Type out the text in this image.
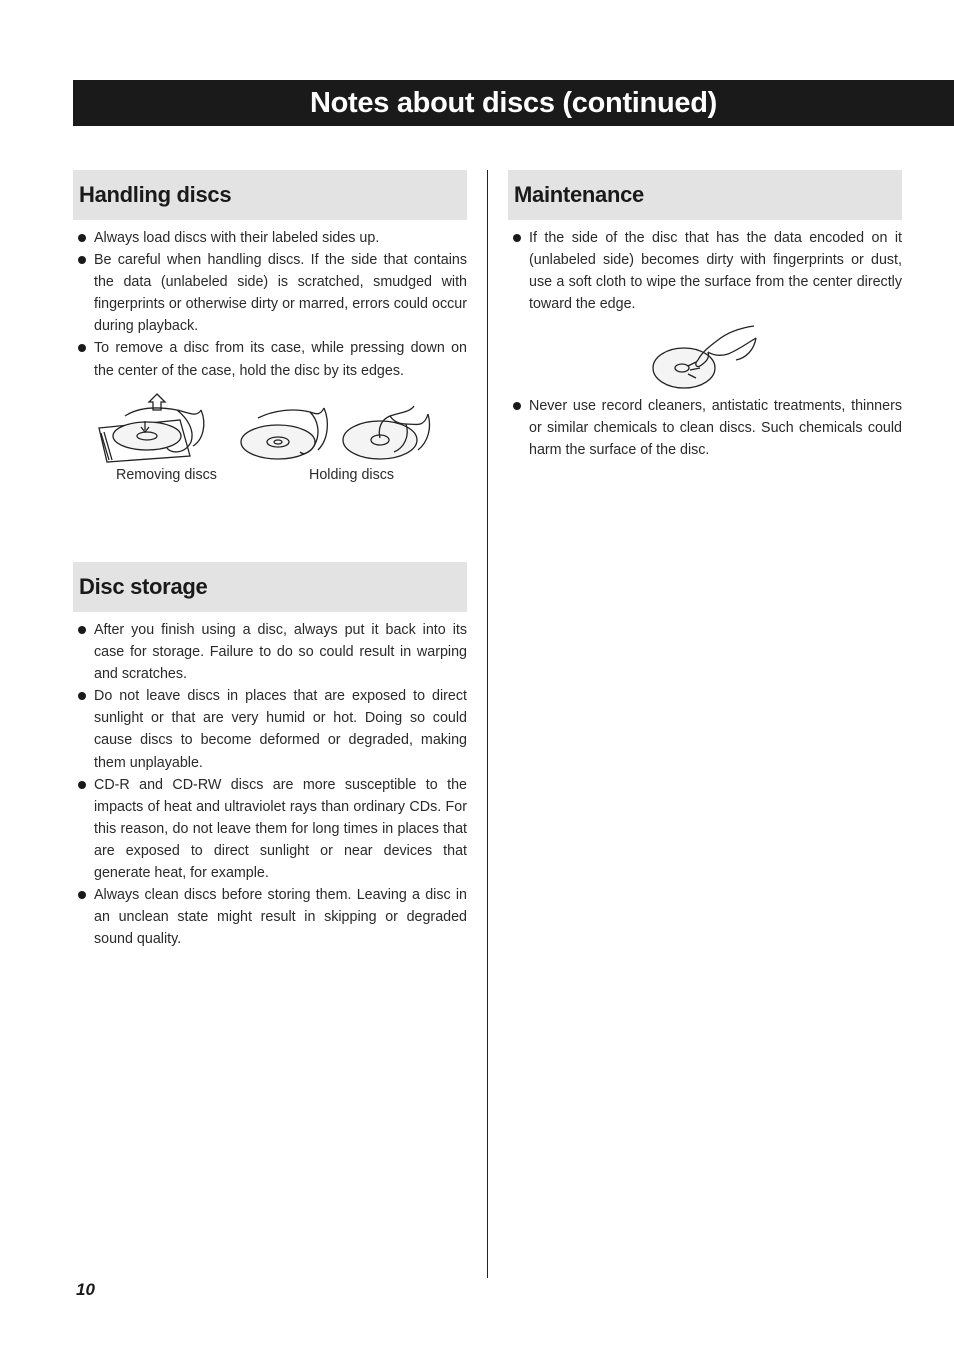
Notes about discs (continued)
Handling discs
Always load discs with their labeled sides up.
Be careful when handling discs. If the side that contains the data (unlabeled side) is scratched, smudged with fingerprints or otherwise dirty or marred, errors could occur during playback.
To remove a disc from its case, while pressing down on the center of the case, hold the disc by its edges.
Removing discs	Holding discs
Disc storage
After you finish using a disc, always put it back into its case for storage. Failure to do so could result in warping and scratches.
Do not leave discs in places that are exposed to direct sunlight or that are very humid or hot. Doing so could cause discs to become deformed or degraded, making them unplayable.
CD-R and CD-RW discs are more susceptible to the impacts of heat and ultraviolet rays than ordinary CDs. For this reason, do not leave them for long times in places that are exposed to direct sunlight or near devices that generate heat, for example.
Always clean discs before storing them. Leaving a disc in an unclean state might result in skipping or degraded sound quality.
Maintenance
If the side of the disc that has the data encoded on it (unlabeled side) becomes dirty with fingerprints or dust, use a soft cloth to wipe the surface from the center directly toward the edge.
Never use record cleaners, antistatic treatments, thinners or similar chemicals to clean discs. Such chemicals could harm the surface of the disc.
10
